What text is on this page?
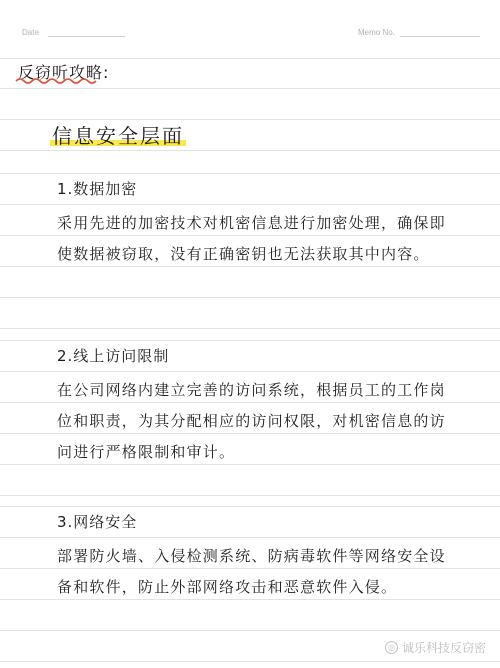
Date	Memo No.
反窃听攻略:
信息安全层面
1.数据加密

采用先进的加密技术对机密信息进行加密处理，确保即使数据被窃取，没有正确密钥也无法获取其中内容。

2.线上访问限制

在公司网络内建立完善的访问系统，根据员工的工作岗位和职责，为其分配相应的访问权限，对机密信息的访问进行严格限制和审计。

3.网络安全

部署防火墙、入侵检测系统、防病毒软件等网络安全设备和软件，防止外部网络攻击和恶意软件入侵。

◎ 诚乐科技反窃密
